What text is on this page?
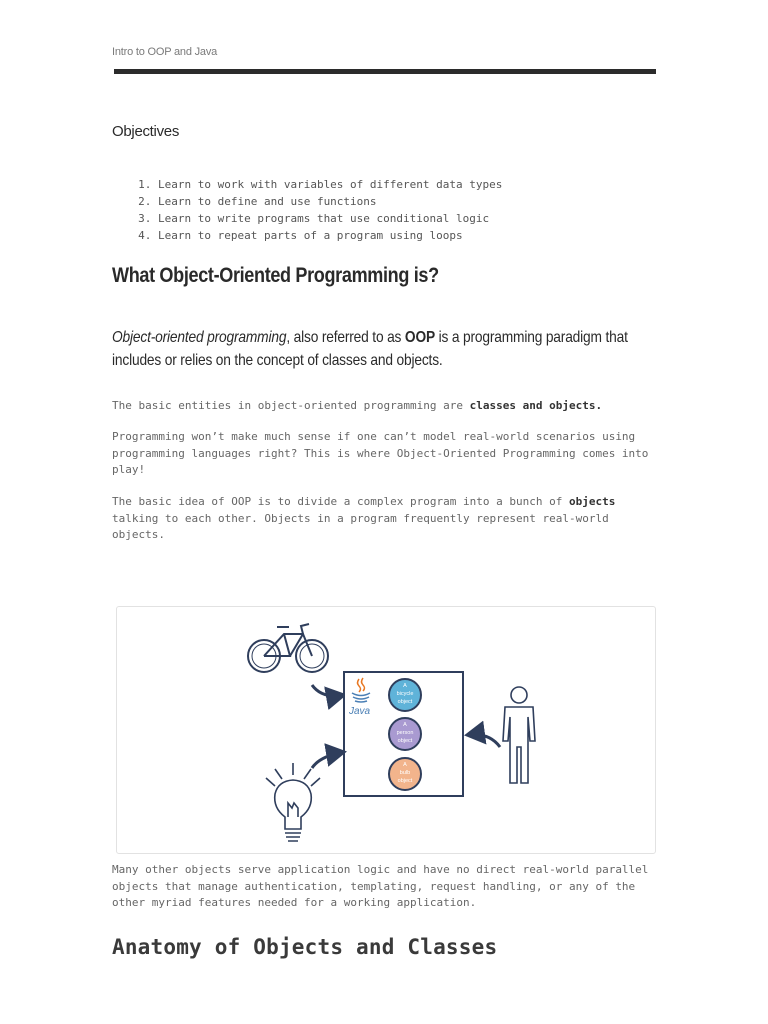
Intro to OOP and Java
Objectives
1. Learn to work with variables of different data types
2. Learn to define and use functions
3. Learn to write programs that use conditional logic
4. Learn to repeat parts of a program using loops
What Object-Oriented Programming is?

Object-oriented programming, also referred to as OOP is a programming paradigm that includes or relies on the concept of classes and objects.

The basic entities in object-oriented programming are classes and objects.

Programming won’t make much sense if one can’t model real-world scenarios using programming languages right? This is where Object-Oriented Programming comes into play!

The basic idea of OOP is to divide a complex program into a bunch of objects talking to each other. Objects in a program frequently represent real-world objects.

Java
A
bicycle
object
A
person
object
A
bulb
object

Many other objects serve application logic and have no direct real-world parallel objects that manage authentication, templating, request handling, or any of the other myriad features needed for a working application.

Anatomy of Objects and Classes
